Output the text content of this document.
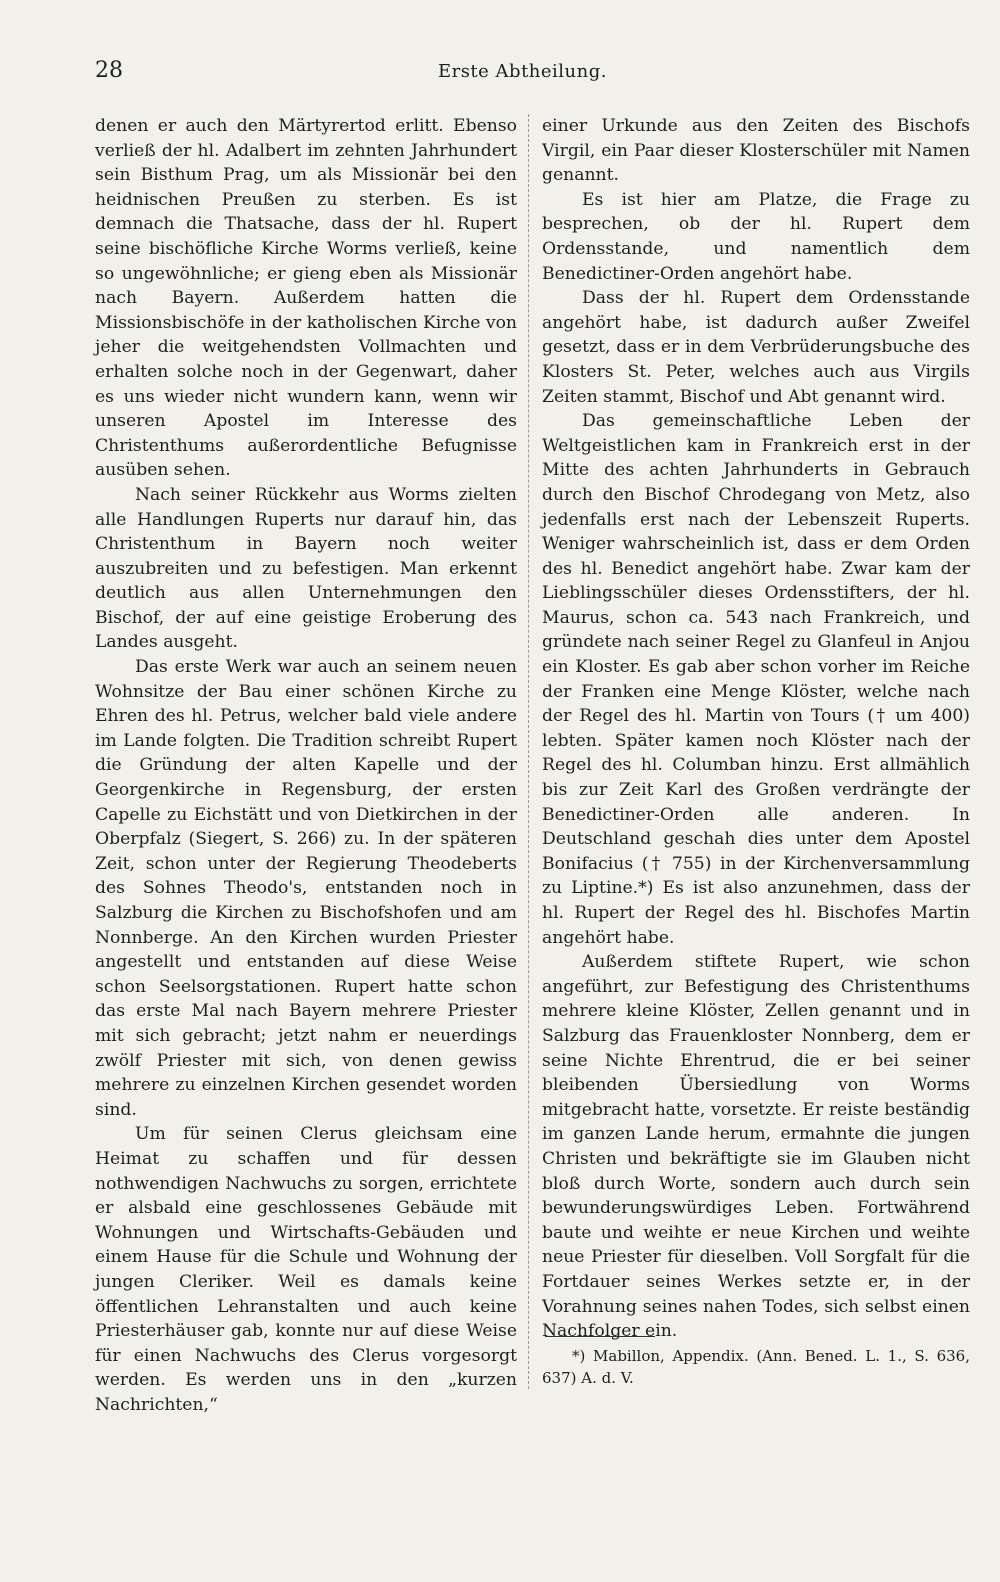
28	Erste Abtheilung.

denen er auch den Märtyrertod erlitt. Ebenso verließ der hl. Adalbert im zehnten Jahrhundert sein Bisthum Prag, um als Missionär bei den heidnischen Preußen zu sterben. Es ist demnach die Thatsache, dass der hl. Rupert seine bischöfliche Kirche Worms verließ, keine so ungewöhnliche; er gieng eben als Missionär nach Bayern. Außerdem hatten die Missionsbischöfe in der katholischen Kirche von jeher die weitgehendsten Vollmachten und erhalten solche noch in der Gegenwart, daher es uns wieder nicht wundern kann, wenn wir unseren Apostel im Interesse des Christenthums außerordentliche Befugnisse ausüben sehen.

Nach seiner Rückkehr aus Worms zielten alle Handlungen Ruperts nur darauf hin, das Christenthum in Bayern noch weiter auszubreiten und zu befestigen. Man erkennt deutlich aus allen Unternehmungen den Bischof, der auf eine geistige Eroberung des Landes ausgeht.

Das erste Werk war auch an seinem neuen Wohnsitze der Bau einer schönen Kirche zu Ehren des hl. Petrus, welcher bald viele andere im Lande folgten. Die Tradition schreibt Rupert die Gründung der alten Kapelle und der Georgenkirche in Regensburg, der ersten Capelle zu Eichstätt und von Dietkirchen in der Oberpfalz (Siegert, S. 266) zu. In der späteren Zeit, schon unter der Regierung Theodeberts des Sohnes Theodo's, entstanden noch in Salzburg die Kirchen zu Bischofshofen und am Nonnberge. An den Kirchen wurden Priester angestellt und entstanden auf diese Weise schon Seelsorgstationen. Rupert hatte schon das erste Mal nach Bayern mehrere Priester mit sich gebracht; jetzt nahm er neuerdings zwölf Priester mit sich, von denen gewiss mehrere zu einzelnen Kirchen gesendet worden sind.

Um für seinen Clerus gleichsam eine Heimat zu schaffen und für dessen nothwendigen Nachwuchs zu sorgen, errichtete er alsbald eine geschlossenes Gebäude mit Wohnungen und Wirtschafts-Gebäuden und einem Hause für die Schule und Wohnung der jungen Cleriker. Weil es damals keine öffentlichen Lehranstalten und auch keine Priesterhäuser gab, konnte nur auf diese Weise für einen Nachwuchs des Clerus vorgesorgt werden. Es werden uns in den „kurzen Nachrichten,“

einer Urkunde aus den Zeiten des Bischofs Virgil, ein Paar dieser Klosterschüler mit Namen genannt.

Es ist hier am Platze, die Frage zu besprechen, ob der hl. Rupert dem Ordensstande, und namentlich dem Benedictiner-Orden angehört habe.

Dass der hl. Rupert dem Ordensstande angehört habe, ist dadurch außer Zweifel gesetzt, dass er in dem Verbrüderungsbuche des Klosters St. Peter, welches auch aus Virgils Zeiten stammt, Bischof und Abt genannt wird.

Das gemeinschaftliche Leben der Weltgeistlichen kam in Frankreich erst in der Mitte des achten Jahrhunderts in Gebrauch durch den Bischof Chrodegang von Metz, also jedenfalls erst nach der Lebenszeit Ruperts. Weniger wahrscheinlich ist, dass er dem Orden des hl. Benedict angehört habe. Zwar kam der Lieblingsschüler dieses Ordensstifters, der hl. Maurus, schon ca. 543 nach Frankreich, und gründete nach seiner Regel zu Glanfeul in Anjou ein Kloster. Es gab aber schon vorher im Reiche der Franken eine Menge Klöster, welche nach der Regel des hl. Martin von Tours († um 400) lebten. Später kamen noch Klöster nach der Regel des hl. Columban hinzu. Erst allmählich bis zur Zeit Karl des Großen verdrängte der Benedictiner-Orden alle anderen. In Deutschland geschah dies unter dem Apostel Bonifacius († 755) in der Kirchenversammlung zu Liptine.*) Es ist also anzunehmen, dass der hl. Rupert der Regel des hl. Bischofes Martin angehört habe.

Außerdem stiftete Rupert, wie schon angeführt, zur Befestigung des Christenthums mehrere kleine Klöster, Zellen genannt und in Salzburg das Frauenkloster Nonnberg, dem er seine Nichte Ehrentrud, die er bei seiner bleibenden Übersiedlung von Worms mitgebracht hatte, vorsetzte. Er reiste beständig im ganzen Lande herum, ermahnte die jungen Christen und bekräftigte sie im Glauben nicht bloß durch Worte, sondern auch durch sein bewunderungswürdiges Leben. Fortwährend baute und weihte er neue Kirchen und weihte neue Priester für dieselben. Voll Sorgfalt für die Fortdauer seines Werkes setzte er, in der Vorahnung seines nahen Todes, sich selbst einen Nachfolger ein.

*) Mabillon, Appendix. (Ann. Bened. L. 1., S. 636, 637) A. d. V.
